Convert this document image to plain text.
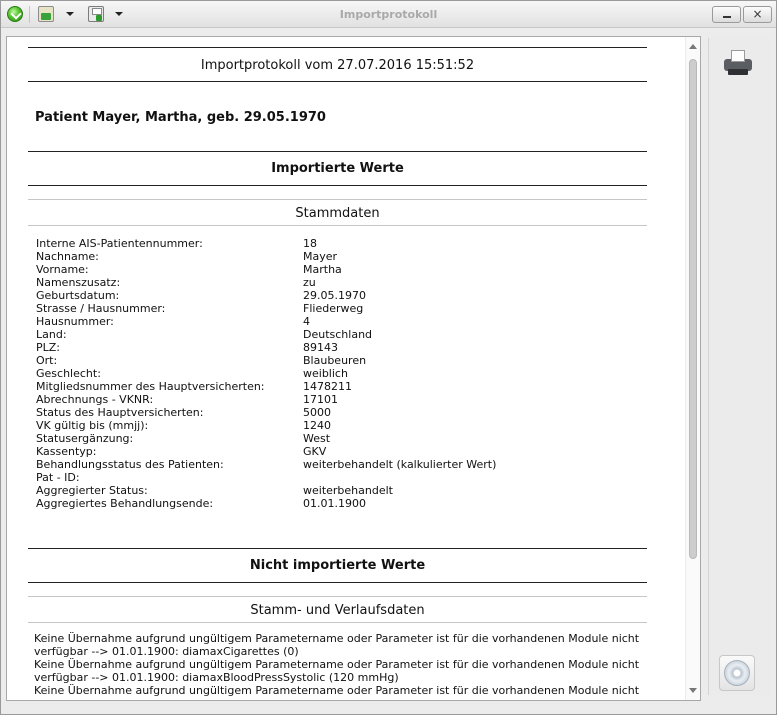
Importprotokoll	×
Importprotokoll vom 27.07.2016 15:51:52
Patient Mayer, Martha, geb. 29.05.1970
Importierte Werte
Stammdaten
Interne AIS-Patientennummer:	18
Nachname:	Mayer
Vorname:	Martha
Namenszusatz:	zu
Geburtsdatum:	29.05.1970
Strasse / Hausnummer:	Fliederweg
Hausnummer:	4
Land:	Deutschland
PLZ:	89143
Ort:	Blaubeuren
Geschlecht:	weiblich
Mitgliedsnummer des Hauptversicherten:	1478211
Abrechnungs - VKNR:	17101
Status des Hauptversicherten:	5000
VK gültig bis (mmjj):	1240
Statusergänzung:	West
Kassentyp:	GKV
Behandlungsstatus des Patienten:	weiterbehandelt (kalkulierter Wert)
Pat - ID:
Aggregierter Status:	weiterbehandelt
Aggregiertes Behandlungsende:	01.01.1900
Nicht importierte Werte
Stamm- und Verlaufsdaten

Keine Übernahme aufgrund ungültigem Parametername oder Parameter ist für die vorhandenen Module nicht verfügbar --> 01.01.1900: diamaxCigarettes (0)

Keine Übernahme aufgrund ungültigem Parametername oder Parameter ist für die vorhandenen Module nicht verfügbar --> 01.01.1900: diamaxBloodPressSystolic (120 mmHg)

Keine Übernahme aufgrund ungültigem Parametername oder Parameter ist für die vorhandenen Module nicht
